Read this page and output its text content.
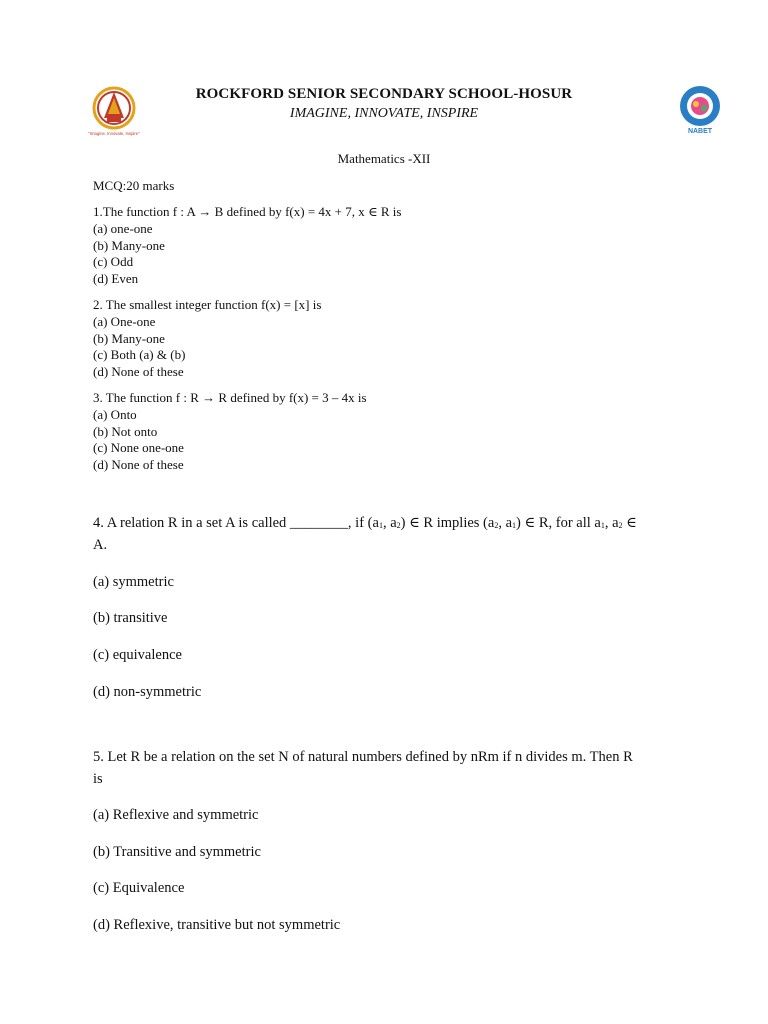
"Imagine, Innovate, Inspire"	NABET
ROCKFORD SENIOR SECONDARY SCHOOL-HOSUR
IMAGINE, INNOVATE, INSPIRE
Mathematics -XII
MCQ:20 marks
1.The function f : A → B defined by f(x) = 4x + 7, x ∈ R is
(a) one-one
(b) Many-one
(c) Odd
(d) Even
2. The smallest integer function f(x) = [x] is
(a) One-one
(b) Many-one
(c) Both (a) & (b)
(d) None of these
3. The function f : R → R defined by f(x) = 3 – 4x is
(a) Onto
(b) Not onto
(c) None one-one
(d) None of these
4. A relation R in a set A is called ________, if ($a_1$, $a_2$) ∈ R implies ($a_2$, $a_1$) ∈ R, for all $a_1$, $a_2$ ∈
A.
(a) symmetric
(b) transitive
(c) equivalence
(d) non-symmetric
5. Let R be a relation on the set N of natural numbers defined by nRm if n divides m. Then R
is
(a) Reflexive and symmetric
(b) Transitive and symmetric
(c) Equivalence
(d) Reflexive, transitive but not symmetric
